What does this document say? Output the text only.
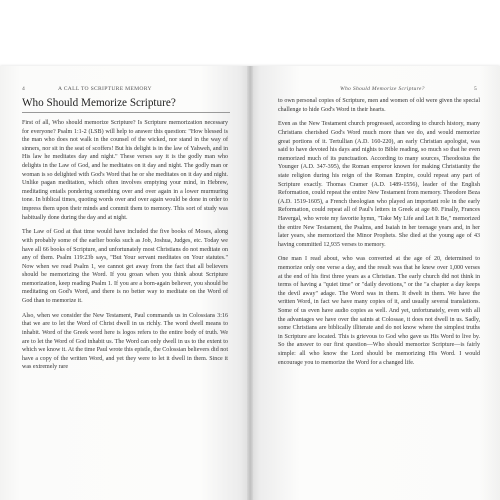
4	A CALL TO SCRIPTURE MEMORY
Who Should Memorize Scripture?

First of all, Who should memorize Scripture? Is Scripture memorization necessary for everyone? Psalm 1:1-2 (LSB) will help to answer this question: "How blessed is the man who does not walk in the counsel of the wicked, nor stand in the way of sinners, nor sit in the seat of scoffers! But his delight is in the law of Yahweh, and in His law he meditates day and night." These verses say it is the godly man who delights in the Law of God, and he meditates on it day and night. The godly man or woman is so delighted with God's Word that he or she meditates on it day and night. Unlike pagan meditation, which often involves emptying your mind, in Hebrew, meditating entails pondering something over and over again in a lower murmuring tone. In biblical times, quoting words over and over again would be done in order to impress them upon their minds and commit them to memory. This sort of study was habitually done during the day and at night.

The Law of God at that time would have included the five books of Moses, along with probably some of the earlier books such as Job, Joshua, Judges, etc. Today we have all 66 books of Scripture, and unfortunately most Christians do not meditate on any of them. Psalm 119:23b says, "But Your servant meditates on Your statutes." Now when we read Psalm 1, we cannot get away from the fact that all believers should be memorizing the Word. If you groan when you think about Scripture memorization, keep reading Psalm 1. If you are a born-again believer, you should be meditating on God's Word, and there is no better way to meditate on the Word of God than to memorize it.

Also, when we consider the New Testament, Paul commands us in Colossians 3:16 that we are to let the Word of Christ dwell in us richly. The word dwell means to inhabit. Word of the Greek word here is logos refers to the entire body of truth. We are to let the Word of God inhabit us. The Word can only dwell in us to the extent to which we know it. At the time Paul wrote this epistle, the Colossian believers did not have a copy of the written Word, and yet they were to let it dwell in them. Since it was extremely rare

Who Should Memorize Scripture?	5

to own personal copies of Scripture, men and women of old were given the special challenge to hide God's Word in their hearts.

Even as the New Testament church progressed, according to church history, many Christians cherished God's Word much more than we do, and would memorize great portions of it. Tertullian (A.D. 160-220), an early Christian apologist, was said to have devoted his days and nights to Bible reading, so much so that he even memorized much of its punctuation. According to many sources, Theodosius the Younger (A.D. 347-395), the Roman emperor known for making Christianity the state religion during his reign of the Roman Empire, could repeat any part of Scripture exactly. Thomas Cramer (A.D. 1489-1556), leader of the English Reformation, could repeat the entire New Testament from memory. Theodore Beza (A.D. 1519-1605), a French theologian who played an important role in the early Reformation, could repeat all of Paul's letters in Greek at age 80. Finally, Frances Havergal, who wrote my favorite hymn, "Take My Life and Let It Be," memorized the entire New Testament, the Psalms, and Isaiah in her teenage years and, in her later years, she memorized the Minor Prophets. She died at the young age of 43 having committed 12,935 verses to memory.

One man I read about, who was converted at the age of 20, determined to memorize only one verse a day, and the result was that he knew over 1,000 verses at the end of his first three years as a Christian. The early church did not think in terms of having a "quiet time" or "daily devotions," or the "a chapter a day keeps the devil away" adage. The Word was in them. It dwelt in them. We have the written Word, in fact we have many copies of it, and usually several translations. Some of us even have audio copies as well. And yet, unfortunately, even with all the advantages we have over the saints at Colossae, it does not dwell in us. Sadly, some Christians are biblically illiterate and do not know where the simplest truths in Scripture are located. This is grievous to God who gave us His Word to live by. So the answer to our first question—Who should memorize Scripture—is fairly simple: all who know the Lord should be memorizing His Word. I would encourage you to memorize the Word for a changed life.
